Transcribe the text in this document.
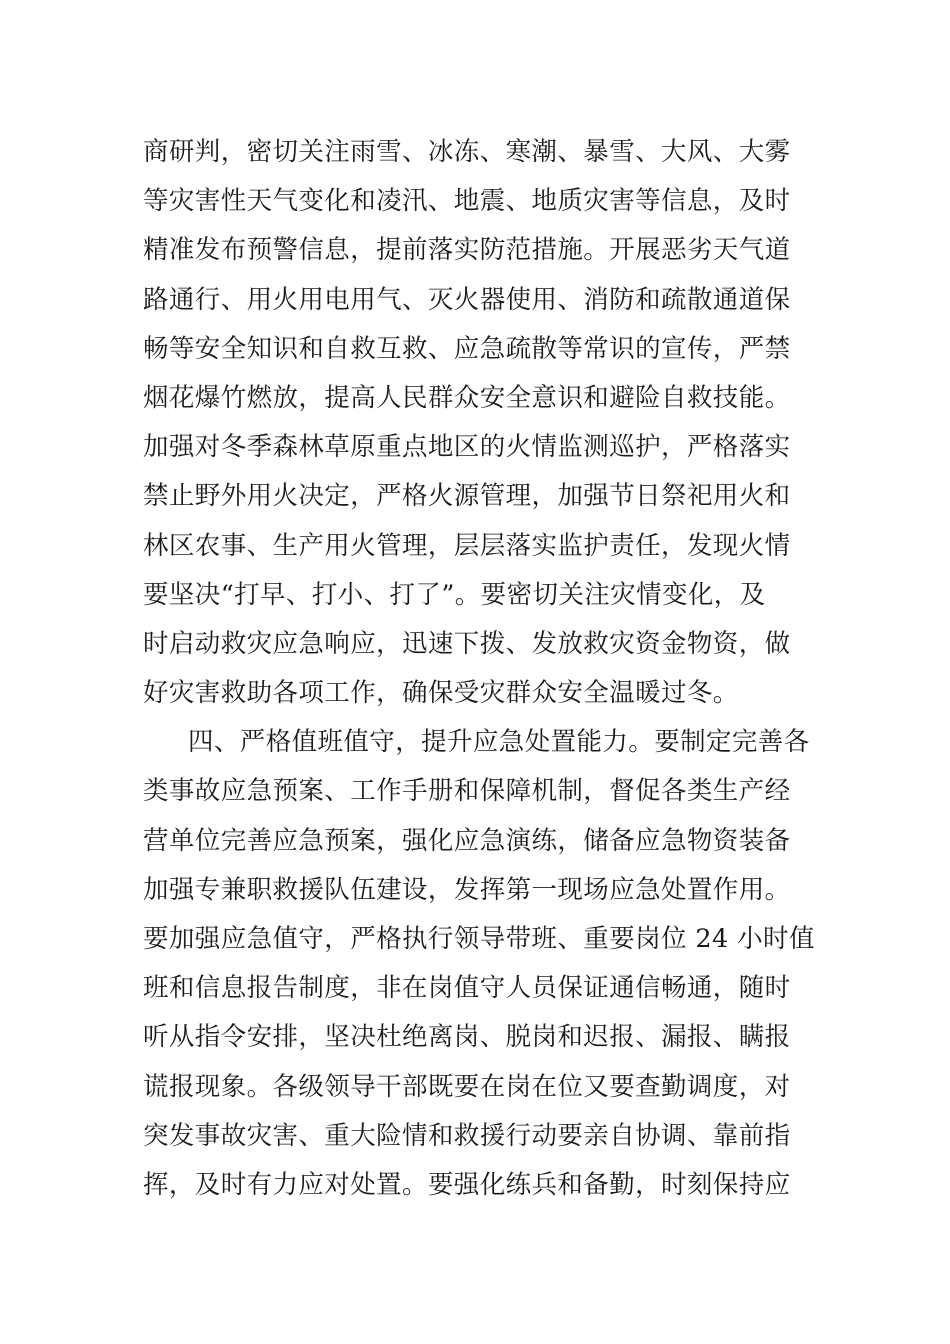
商研判，密切关注雨雪、冰冻、寒潮、暴雪、大风、大雾
等灾害性天气变化和凌汛、地震、地质灾害等信息，及时
精准发布预警信息，提前落实防范措施。开展恶劣天气道
路通行、用火用电用气、灭火器使用、消防和疏散通道保
畅等安全知识和自救互救、应急疏散等常识的宣传，严禁
烟花爆竹燃放，提高人民群众安全意识和避险自救技能。
加强对冬季森林草原重点地区的火情监测巡护，严格落实
禁止野外用火决定，严格火源管理，加强节日祭祀用火和
林区农事、生产用火管理，层层落实监护责任，发现火情
要坚决“打早、打小、打了”。要密切关注灾情变化，及
时启动救灾应急响应，迅速下拨、发放救灾资金物资，做
好灾害救助各项工作，确保受灾群众安全温暖过冬。
四、严格值班值守，提升应急处置能力。要制定完善各
类事故应急预案、工作手册和保障机制，督促各类生产经
营单位完善应急预案，强化应急演练，储备应急物资装备
加强专兼职救援队伍建设，发挥第一现场应急处置作用。
要加强应急值守，严格执行领导带班、重要岗位 24 小时值
班和信息报告制度，非在岗值守人员保证通信畅通，随时
听从指令安排，坚决杜绝离岗、脱岗和迟报、漏报、瞒报
谎报现象。各级领导干部既要在岗在位又要查勤调度，对
突发事故灾害、重大险情和救援行动要亲自协调、靠前指
挥，及时有力应对处置。要强化练兵和备勤，时刻保持应
